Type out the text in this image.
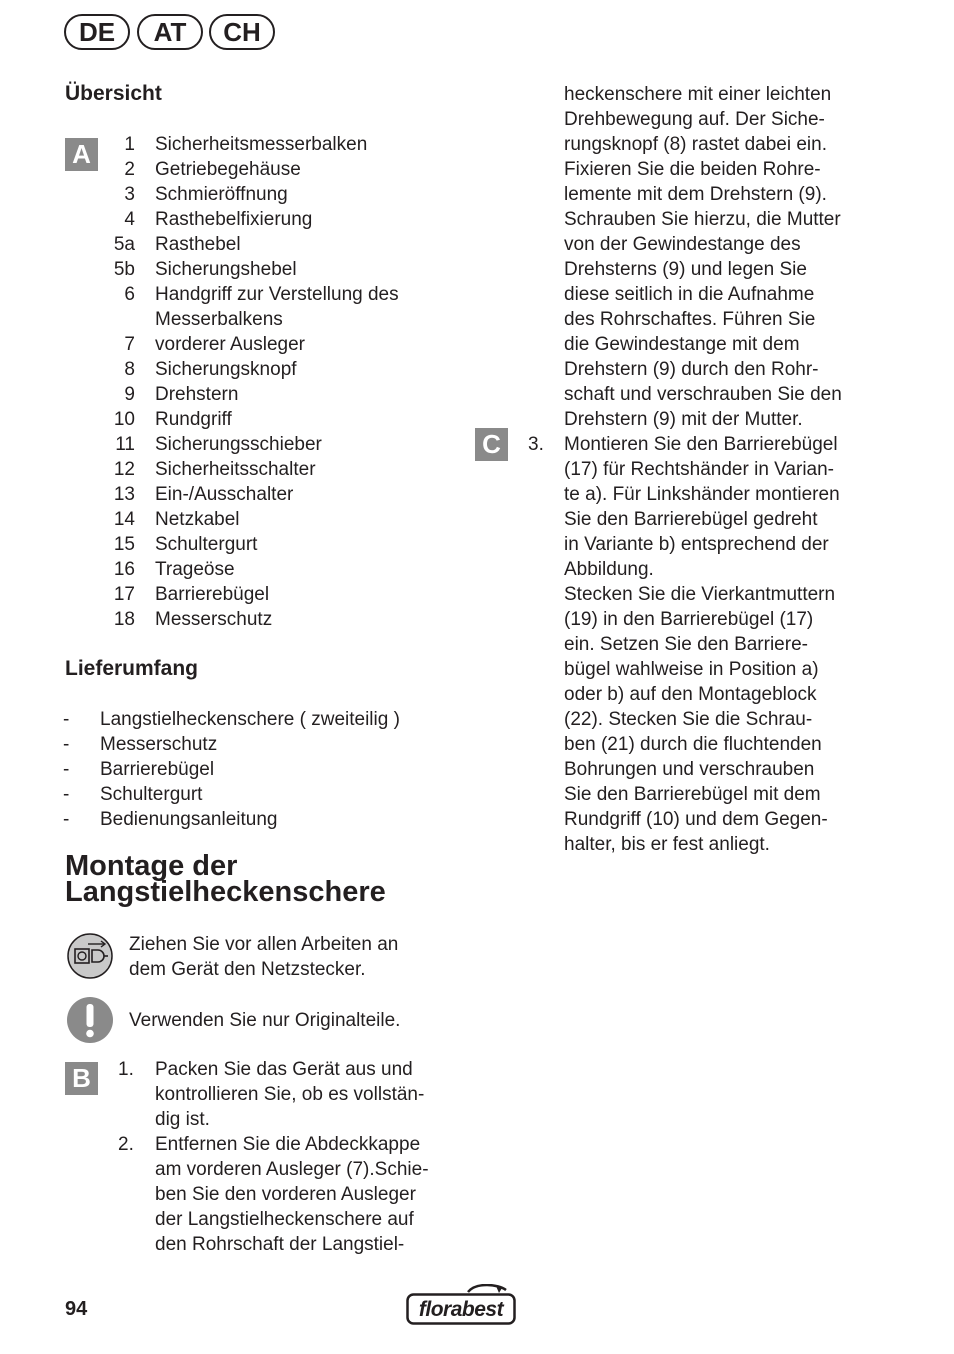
DE	AT	CH
Übersicht
A	1 Sicherheitsmesserbalken
2 Getriebegehäuse
3 Schmieröffnung
4 Rasthebelfixierung
5a Rasthebel
5b Sicherungshebel
6 Handgriff zur Verstellung des
Messerbalkens
7 vorderer Ausleger
8 Sicherungsknopf
9 Drehstern
10 Rundgriff
11 Sicherungsschieber
12 Sicherheitsschalter
13 Ein-/Ausschalter
14 Netzkabel
15 Schultergurt
16 Trageöse
17 Barrierebügel
18 Messerschutz
Lieferumfang
- Langstielheckenschere ( zweiteilig )
- Messerschutz
- Barrierebügel
- Schultergurt
- Bedienungsanleitung
Montage der
Langstielheckenschere
Ziehen Sie vor allen Arbeiten an
dem Gerät den Netzstecker.
Verwenden Sie nur Originalteile.
B	1. Packen Sie das Gerät aus und
kontrollieren Sie, ob es vollstän-
dig ist.
2. Entfernen Sie die Abdeckkappe
am vorderen Ausleger (7).Schie-
ben Sie den vorderen Ausleger
der Langstielheckenschere auf
den Rohrschaft der Langstiel-
heckenschere mit einer leichten
Drehbewegung auf. Der Siche-
rungsknopf (8) rastet dabei ein.
Fixieren Sie die beiden Rohre-
lemente mit dem Drehstern (9).
Schrauben Sie hierzu, die Mutter
von der Gewindestange des
Drehsterns (9) und legen Sie
diese seitlich in die Aufnahme
des Rohrschaftes. Führen Sie
die Gewindestange mit dem
Drehstern (9) durch den Rohr-
schaft und verschrauben Sie den
Drehstern (9) mit der Mutter.
C	3. Montieren Sie den Barrierebügel
(17) für Rechtshänder in Varian-
te a). Für Linkshänder montieren
Sie den Barrierebügel gedreht
in Variante b) entsprechend der
Abbildung.
Stecken Sie die Vierkantmuttern
(19) in den Barrierebügel (17)
ein. Setzen Sie den Barriere-
bügel wahlweise in Position a)
oder b) auf den Montageblock
(22). Stecken Sie die Schrau-
ben (21) durch die fluchtenden
Bohrungen und verschrauben
Sie den Barrierebügel mit dem
Rundgriff (10) und dem Gegen-
halter, bis er fest anliegt.
94	florabest
